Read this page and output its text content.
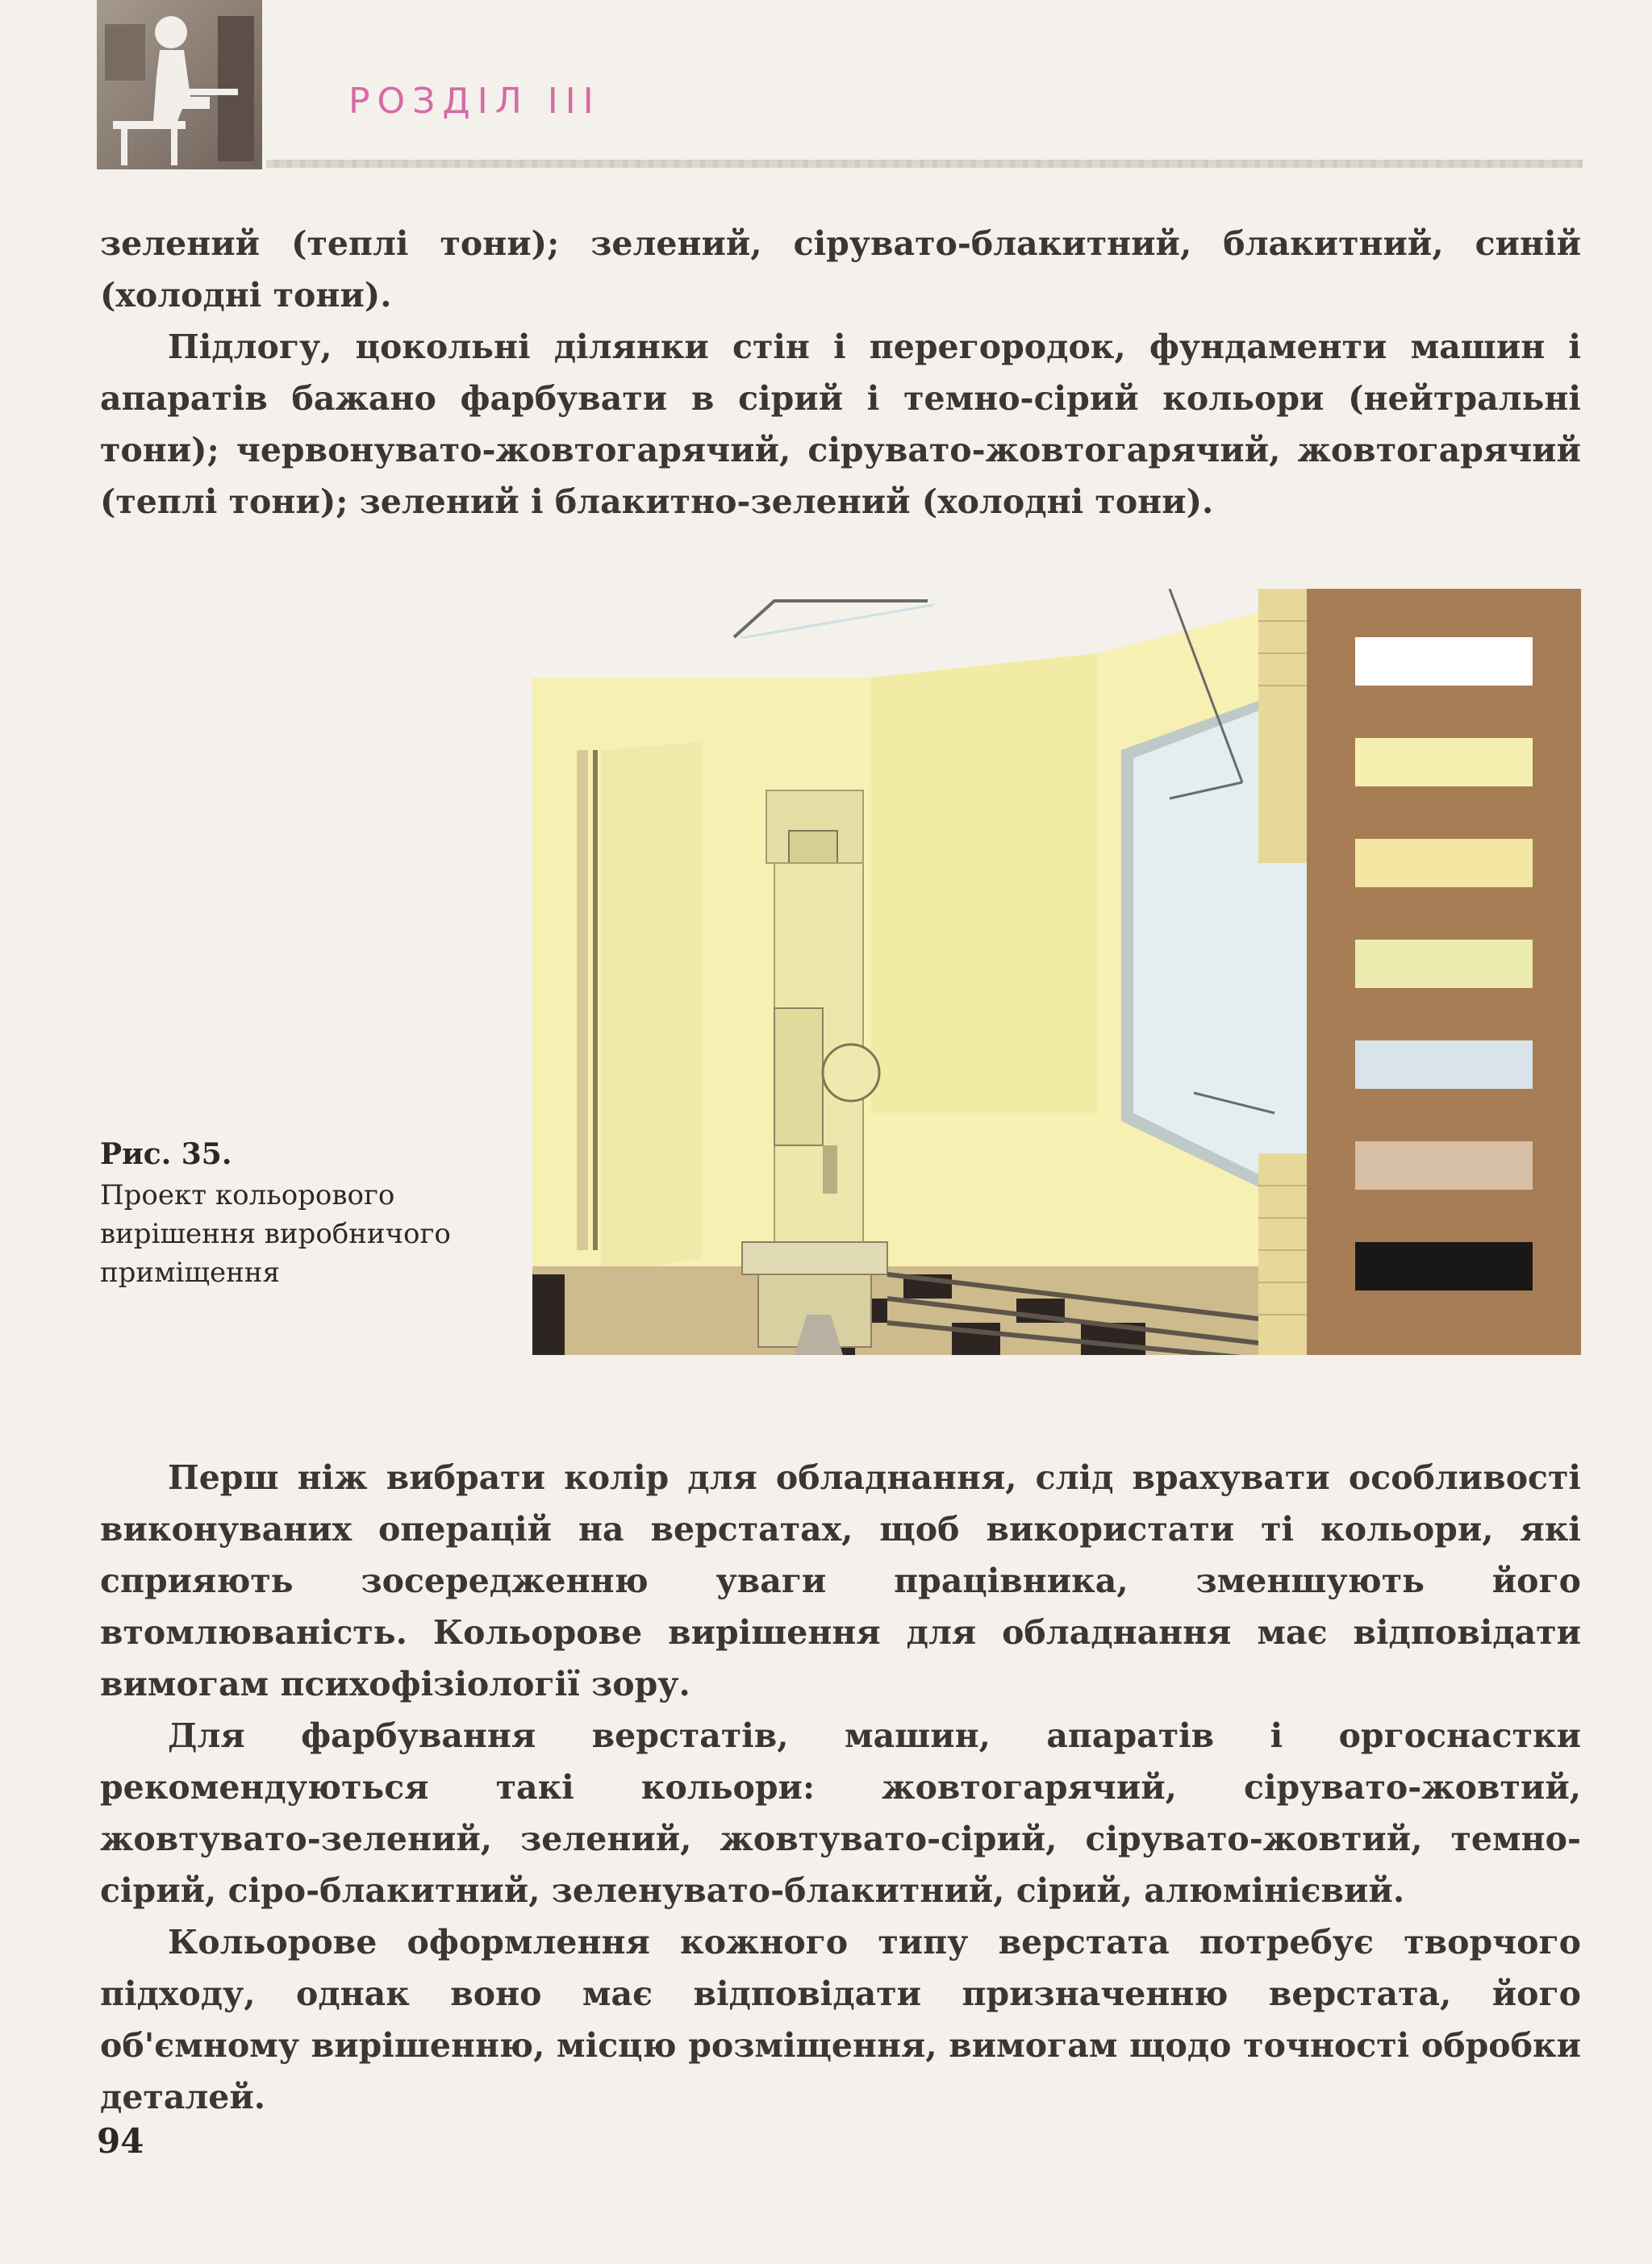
РОЗДІЛ III

зелений (теплі тони); зелений, сірувато-блакитний, блакитний, синій (холодні тони).

Підлогу, цокольні ділянки стін і перегородок, фундаменти машин і апаратів бажано фарбувати в сірий і темно-сірий кольори (нейтральні тони); червонувато-жовтогарячий, сірувато-жовтогарячий, жовтогарячий (теплі тони); зелений і блакитно-зелений (холодні тони).

Рис. 35.

Проект кольорового вирішення виробничого приміщення

Перш ніж вибрати колір для обладнання, слід врахувати особливості виконуваних операцій на верстатах, щоб використати ті кольори, які сприяють зосередженню уваги працівника, зменшують його втомлюваність. Кольорове вирішення для обладнання має відповідати вимогам психофізіології зору.

Для фарбування верстатів, машин, апаратів і оргоснастки рекомендуються такі кольори: жовтогарячий, сірувато-жовтий, жовтувато-зелений, зелений, жовтувато-сірий, сірувато-жовтий, темно-сірий, сіро-блакитний, зеленувато-блакитний, сірий, алюмінієвий.

Кольорове оформлення кожного типу верстата потребує творчого підходу, однак воно має відповідати призначенню верстата, його об'ємному вирішенню, місцю розміщення, вимогам щодо точності обробки деталей.

94
